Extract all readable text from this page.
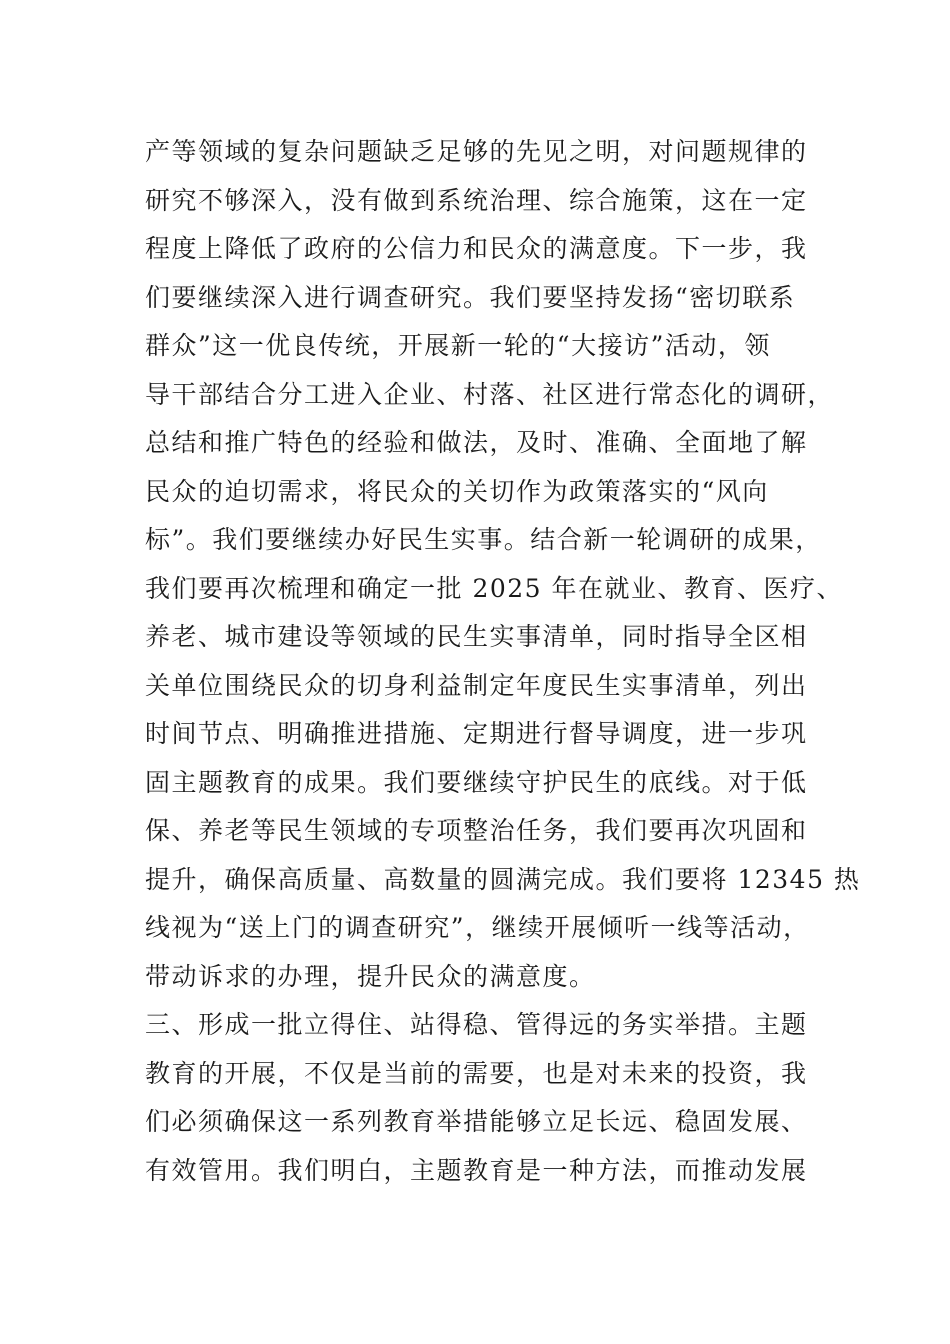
产等领域的复杂问题缺乏足够的先见之明，对问题规律的
研究不够深入，没有做到系统治理、综合施策，这在一定
程度上降低了政府的公信力和民众的满意度。下一步，我
们要继续深入进行调查研究。我们要坚持发扬“密切联系
群众”这一优良传统，开展新一轮的“大接访”活动，领
导干部结合分工进入企业、村落、社区进行常态化的调研，
总结和推广特色的经验和做法，及时、准确、全面地了解
民众的迫切需求，将民众的关切作为政策落实的“风向
标”。我们要继续办好民生实事。结合新一轮调研的成果，
我们要再次梳理和确定一批 2025 年在就业、教育、医疗、
养老、城市建设等领域的民生实事清单，同时指导全区相
关单位围绕民众的切身利益制定年度民生实事清单，列出
时间节点、明确推进措施、定期进行督导调度，进一步巩
固主题教育的成果。我们要继续守护民生的底线。对于低
保、养老等民生领域的专项整治任务，我们要再次巩固和
提升，确保高质量、高数量的圆满完成。我们要将 12345 热
线视为“送上门的调查研究”，继续开展倾听一线等活动，
带动诉求的办理，提升民众的满意度。
三、形成一批立得住、站得稳、管得远的务实举措。主题
教育的开展，不仅是当前的需要，也是对未来的投资，我
们必须确保这一系列教育举措能够立足长远、稳固发展、
有效管用。我们明白，主题教育是一种方法，而推动发展
